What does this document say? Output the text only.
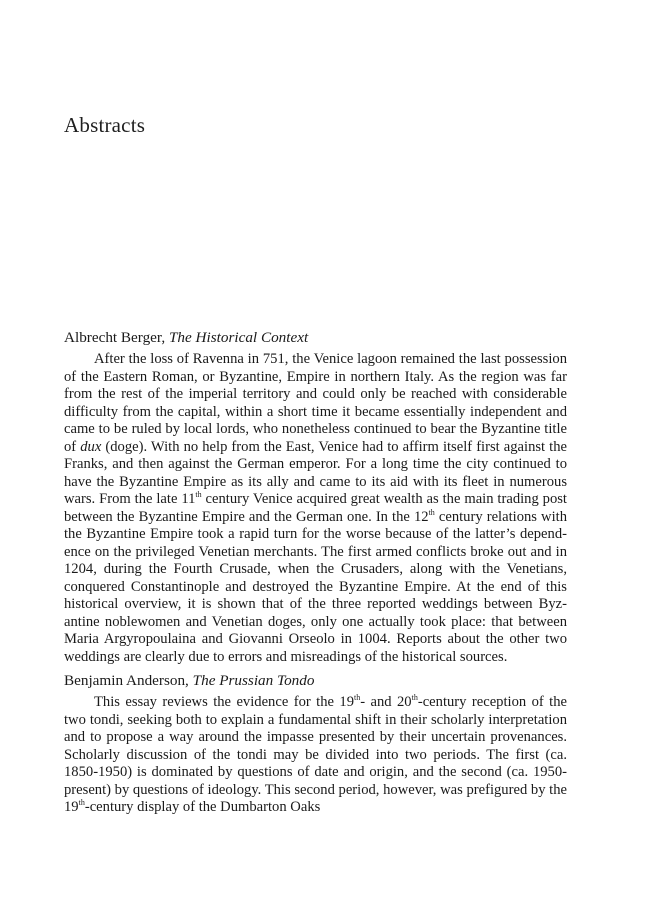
Abstracts
Albrecht Berger, The Historical Context

After the loss of Ravenna in 751, the Venice lagoon remained the last possession of the Eastern Roman, or Byzantine, Empire in northern Italy. As the region was far from the rest of the imperial territory and could only be reached with considerable difficulty from the capital, within a short time it became essentially independent and came to be ruled by local lords, who nonetheless continued to bear the Byzantine title of dux (doge). With no help from the East, Venice had to affirm itself first against the Franks, and then against the German emperor. For a long time the city continued to have the Byzantine Empire as its ally and came to its aid with its fleet in numerous wars. From the late 11th century Venice acquired great wealth as the main trading post between the Byzantine Empire and the German one. In the 12th century relations with the Byzantine Empire took a rapid turn for the worse because of the latter’s dependence on the privileged Venetian merchants. The first armed conflicts broke out and in 1204, during the Fourth Crusade, when the Crusaders, along with the Venetians, conquered Constantinople and destroyed the Byzantine Empire. At the end of this historical overview, it is shown that of the three reported weddings between Byzantine noblewomen and Venetian doges, only one actually took place: that between Maria Argyropoulaina and Giovanni Orseolo in 1004. Reports about the other two weddings are clearly due to errors and misreadings of the historical sources.

Benjamin Anderson, The Prussian Tondo

This essay reviews the evidence for the 19th- and 20th-century reception of the two tondi, seeking both to explain a fundamental shift in their scholarly interpretation and to propose a way around the impasse presented by their uncertain provenances. Scholarly discussion of the tondi may be divided into two periods. The first (ca. 1850-1950) is dominated by questions of date and origin, and the second (ca. 1950-present) by questions of ideology. This second period, however, was prefigured by the 19th-century display of the Dumbarton Oaks
